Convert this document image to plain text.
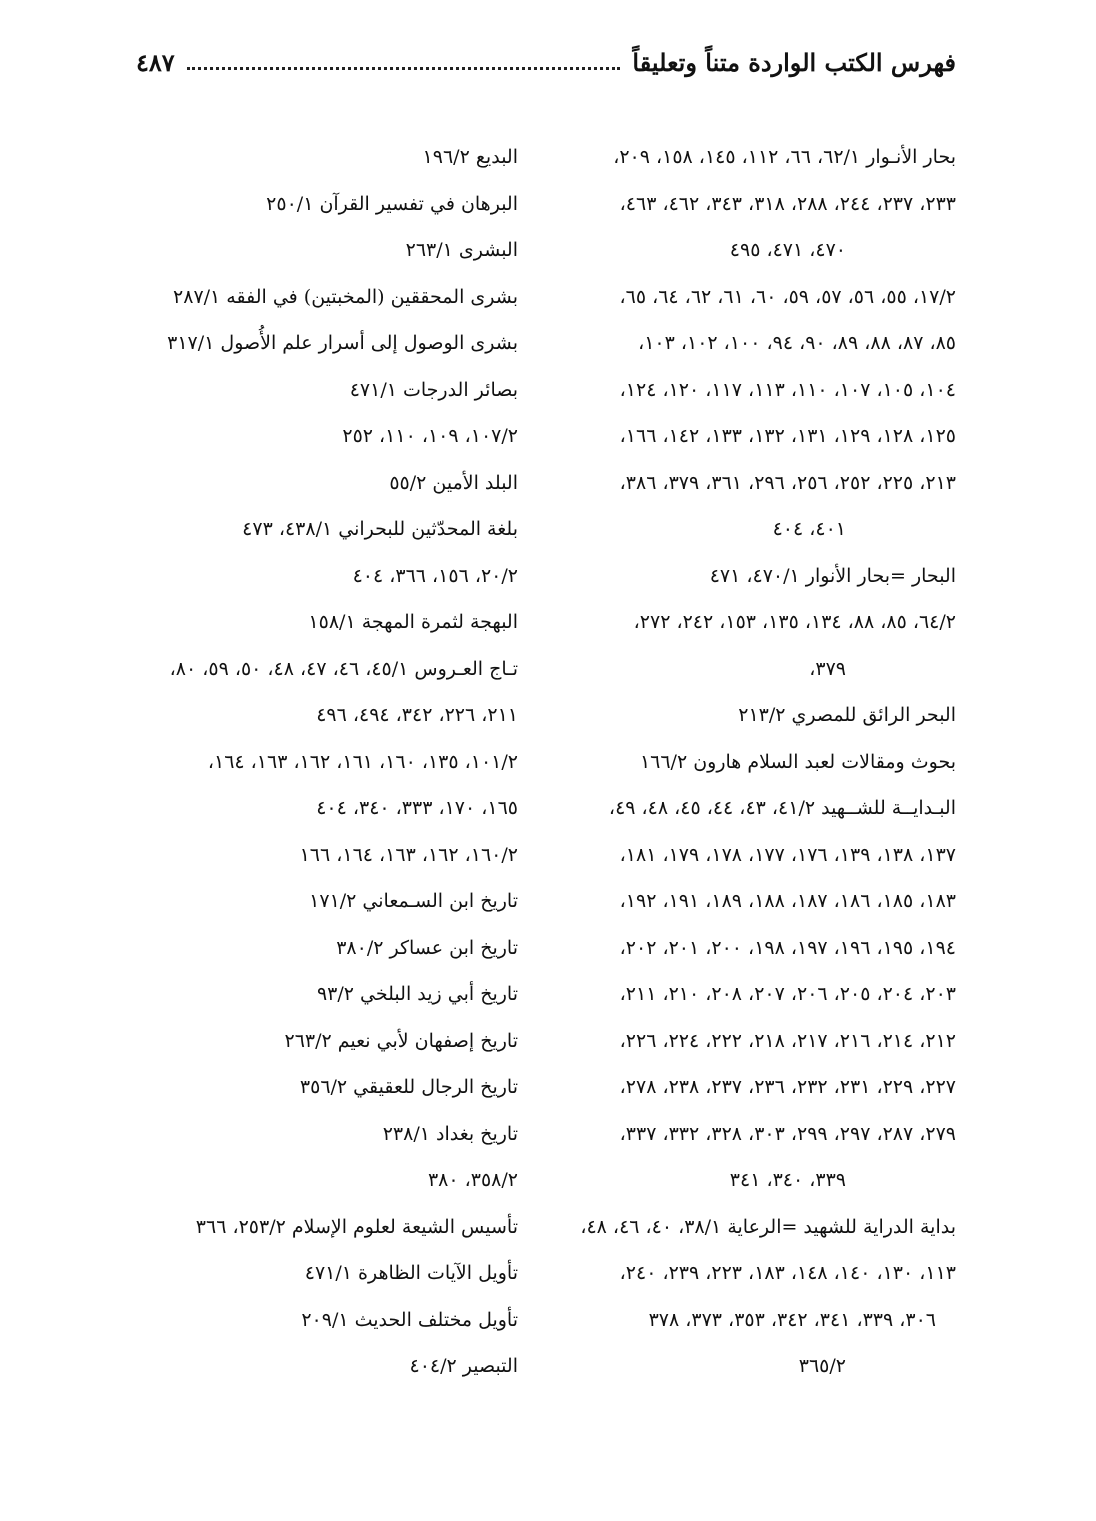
فهرس الكتب الواردة متناً وتعليقاً
٤٨٧
بحار الأنـوار ٦٢/١، ٦٦، ١١٢، ١٤٥، ١٥٨، ٢٠٩،
٢٣٣، ٢٣٧، ٢٤٤، ٢٨٨، ٣١٨، ٣٤٣، ٤٦٢، ٤٦٣،
٤٧٠، ٤٧١، ٤٩٥
١٧/٢، ٥٥، ٥٦، ٥٧، ٥٩، ٦٠، ٦١، ٦٢، ٦٤، ٦٥،
٨٥، ٨٧، ٨٨، ٨٩، ٩٠، ٩٤، ١٠٠، ١٠٢، ١٠٣،
١٠٤، ١٠٥، ١٠٧، ١١٠، ١١٣، ١١٧، ١٢٠، ١٢٤،
١٢٥، ١٢٨، ١٢٩، ١٣١، ١٣٢، ١٣٣، ١٤٢، ١٦٦،
٢١٣، ٢٢٥، ٢٥٢، ٢٥٦، ٢٩٦، ٣٦١، ٣٧٩، ٣٨٦،
٤٠١، ٤٠٤
البحار =بحار الأنوار ٤٧٠/١، ٤٧١
٦٤/٢، ٨٥، ٨٨، ١٣٤، ١٣٥، ١٥٣، ٢٤٢، ٢٧٢،
٣٧٩،
البحر الرائق للمصري ٢١٣/٢
بحوث ومقالات لعبد السلام هارون ١٦٦/٢
البـدايــة للشــهيد ٤١/٢، ٤٣، ٤٤، ٤٥، ٤٨، ٤٩،
١٣٧، ١٣٨، ١٣٩، ١٧٦، ١٧٧، ١٧٨، ١٧٩، ١٨١،
١٨٣، ١٨٥، ١٨٦، ١٨٧، ١٨٨، ١٨٩، ١٩١، ١٩٢،
١٩٤، ١٩٥، ١٩٦، ١٩٧، ١٩٨، ٢٠٠، ٢٠١، ٢٠٢،
٢٠٣، ٢٠٤، ٢٠٥، ٢٠٦، ٢٠٧، ٢٠٨، ٢١٠، ٢١١،
٢١٢، ٢١٤، ٢١٦، ٢١٧، ٢١٨، ٢٢٢، ٢٢٤، ٢٢٦،
٢٢٧، ٢٢٩، ٢٣١، ٢٣٢، ٢٣٦، ٢٣٧، ٢٣٨، ٢٧٨،
٢٧٩، ٢٨٧، ٢٩٧، ٢٩٩، ٣٠٣، ٣٢٨، ٣٣٢، ٣٣٧،
٣٣٩، ٣٤٠، ٣٤١
بداية الدراية للشهيد =الرعاية ٣٨/١، ٤٠، ٤٦، ٤٨،
١١٣، ١٣٠، ١٤٠، ١٤٨، ١٨٣، ٢٢٣، ٢٣٩، ٢٤٠،
٣٠٦، ٣٣٩، ٣٤١، ٣٤٢، ٣٥٣، ٣٧٣، ٣٧٨
٣٦٥/٢
البديع ١٩٦/٢
البرهان في تفسير القرآن ٢٥٠/١
البشرى ٢٦٣/١
بشرى المحققين (المخبتين) في الفقه ٢٨٧/١
بشرى الوصول إلى أسرار علم الأُصول ٣١٧/١
بصائر الدرجات ٤٧١/١
١٠٧/٢، ١٠٩، ١١٠، ٢٥٢
البلد الأمين ٥٥/٢
بلغة المحدّثين للبحراني ٤٣٨/١، ٤٧٣
٢٠/٢، ١٥٦، ٣٦٦، ٤٠٤
البهجة لثمرة المهجة ١٥٨/١
تـاج العـروس ٤٥/١، ٤٦، ٤٧، ٤٨، ٥٠، ٥٩، ٨٠،
٢١١، ٢٢٦، ٣٤٢، ٤٩٤، ٤٩٦
١٠١/٢، ١٣٥، ١٦٠، ١٦١، ١٦٢، ١٦٣، ١٦٤،
١٦٥، ١٧٠، ٣٣٣، ٣٤٠، ٤٠٤
١٦٠/٢، ١٦٢، ١٦٣، ١٦٤، ١٦٦
تاريخ ابن السـمعاني ١٧١/٢
تاريخ ابن عساكر ٣٨٠/٢
تاريخ أبي زيد البلخي ٩٣/٢
تاريخ إصفهان لأبي نعيم ٢٦٣/٢
تاريخ الرجال للعقيقي ٣٥٦/٢
تاريخ بغداد ٢٣٨/١
٣٥٨/٢، ٣٨٠
تأسيس الشيعة لعلوم الإسلام ٢٥٣/٢، ٣٦٦
تأويل الآيات الظاهرة ٤٧١/١
تأويل مختلف الحديث ٢٠٩/١
التبصير ٤٠٤/٢
